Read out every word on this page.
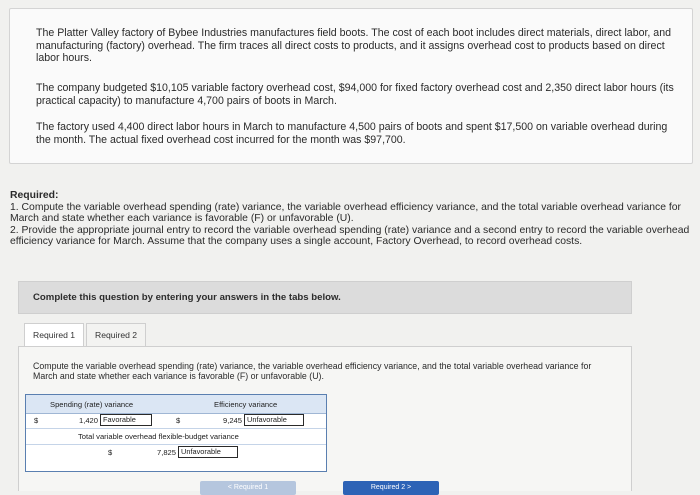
The Platter Valley factory of Bybee Industries manufactures field boots. The cost of each boot includes direct materials, direct labor, and manufacturing (factory) overhead. The firm traces all direct costs to products, and it assigns overhead cost to products based on direct labor hours.

The company budgeted $10,105 variable factory overhead cost, $94,000 for fixed factory overhead cost and 2,350 direct labor hours (its practical capacity) to manufacture 4,700 pairs of boots in March.

The factory used 4,400 direct labor hours in March to manufacture 4,500 pairs of boots and spent $17,500 on variable overhead during the month. The actual fixed overhead cost incurred for the month was $97,700.

Required:
1. Compute the variable overhead spending (rate) variance, the variable overhead efficiency variance, and the total variable overhead variance for March and state whether each variance is favorable (F) or unfavorable (U).
2. Provide the appropriate journal entry to record the variable overhead spending (rate) variance and a second entry to record the variable overhead efficiency variance for March. Assume that the company uses a single account, Factory Overhead, to record overhead costs.
Complete this question by entering your answers in the tabs below.
Required 1	Required 2
Compute the variable overhead spending (rate) variance, the variable overhead efficiency variance, and the total variable overhead variance for March and state whether each variance is favorable (F) or unfavorable (U).
Spending (rate) variance	Efficiency variance
$	1,420 Favorable	$	9,245 Unfavorable
Total variable overhead flexible-budget variance
$	7,825 Unfavorable
< Required 1	Required 2 >
